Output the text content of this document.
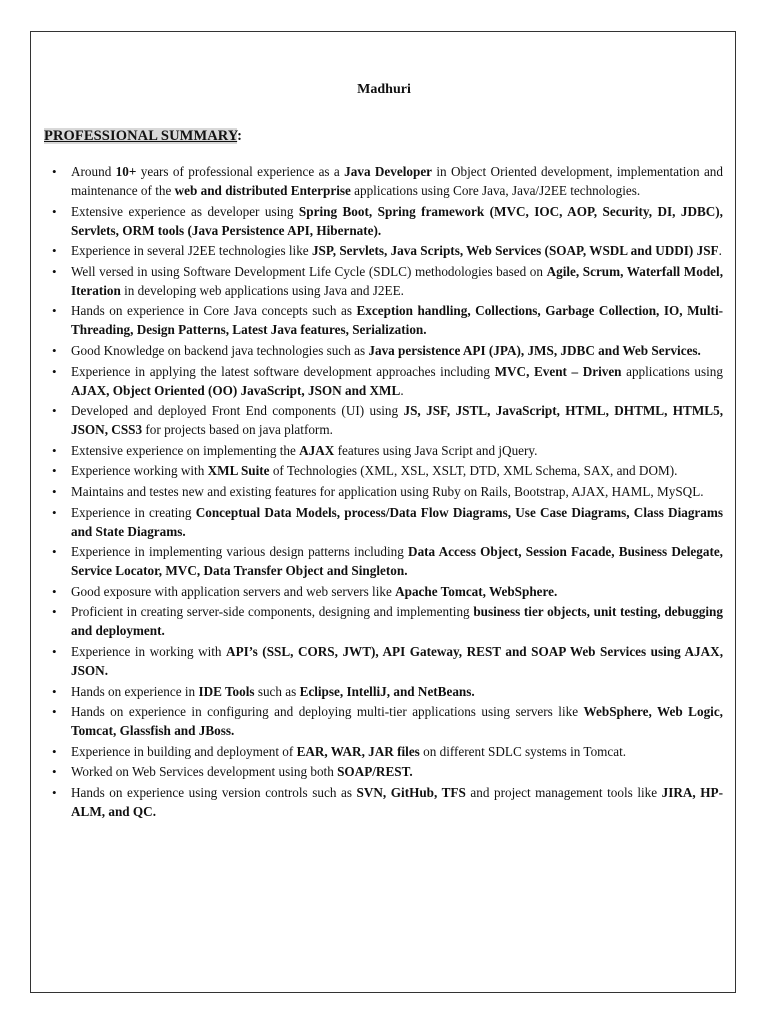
Madhuri
PROFESSIONAL SUMMARY:
• Around 10+ years of professional experience as a Java Developer in Object Oriented development, implementation and maintenance of the web and distributed Enterprise applications using Core Java, Java/J2EE technologies.
• Extensive experience as developer using Spring Boot, Spring framework (MVC, IOC, AOP, Security, DI, JDBC), Servlets, ORM tools (Java Persistence API, Hibernate).
• Experience in several J2EE technologies like JSP, Servlets, Java Scripts, Web Services (SOAP, WSDL and UDDI) JSF.
• Well versed in using Software Development Life Cycle (SDLC) methodologies based on Agile, Scrum, Waterfall Model, Iteration in developing web applications using Java and J2EE.
• Hands on experience in Core Java concepts such as Exception handling, Collections, Garbage Collection, IO, Multi-Threading, Design Patterns, Latest Java features, Serialization.
• Good Knowledge on backend java technologies such as Java persistence API (JPA), JMS, JDBC and Web Services.
• Experience in applying the latest software development approaches including MVC, Event – Driven applications using AJAX, Object Oriented (OO) JavaScript, JSON and XML.
• Developed and deployed Front End components (UI) using JS, JSF, JSTL, JavaScript, HTML, DHTML, HTML5, JSON, CSS3 for projects based on java platform.
• Extensive experience on implementing the AJAX features using Java Script and jQuery.
• Experience working with XML Suite of Technologies (XML, XSL, XSLT, DTD, XML Schema, SAX, and DOM).
• Maintains and testes new and existing features for application using Ruby on Rails, Bootstrap, AJAX, HAML, MySQL.
• Experience in creating Conceptual Data Models, process/Data Flow Diagrams, Use Case Diagrams, Class Diagrams and State Diagrams.
• Experience in implementing various design patterns including Data Access Object, Session Facade, Business Delegate, Service Locator, MVC, Data Transfer Object and Singleton.
• Good exposure with application servers and web servers like Apache Tomcat, WebSphere.
• Proficient in creating server-side components, designing and implementing business tier objects, unit testing, debugging and deployment.
• Experience in working with API’s (SSL, CORS, JWT), API Gateway, REST and SOAP Web Services using AJAX, JSON.
• Hands on experience in IDE Tools such as Eclipse, IntelliJ, and NetBeans.
• Hands on experience in configuring and deploying multi-tier applications using servers like WebSphere, Web Logic, Tomcat, Glassfish and JBoss.
• Experience in building and deployment of EAR, WAR, JAR files on different SDLC systems in Tomcat.
• Worked on Web Services development using both SOAP/REST.
• Hands on experience using version controls such as SVN, GitHub, TFS and project management tools like JIRA, HP-ALM, and QC.
